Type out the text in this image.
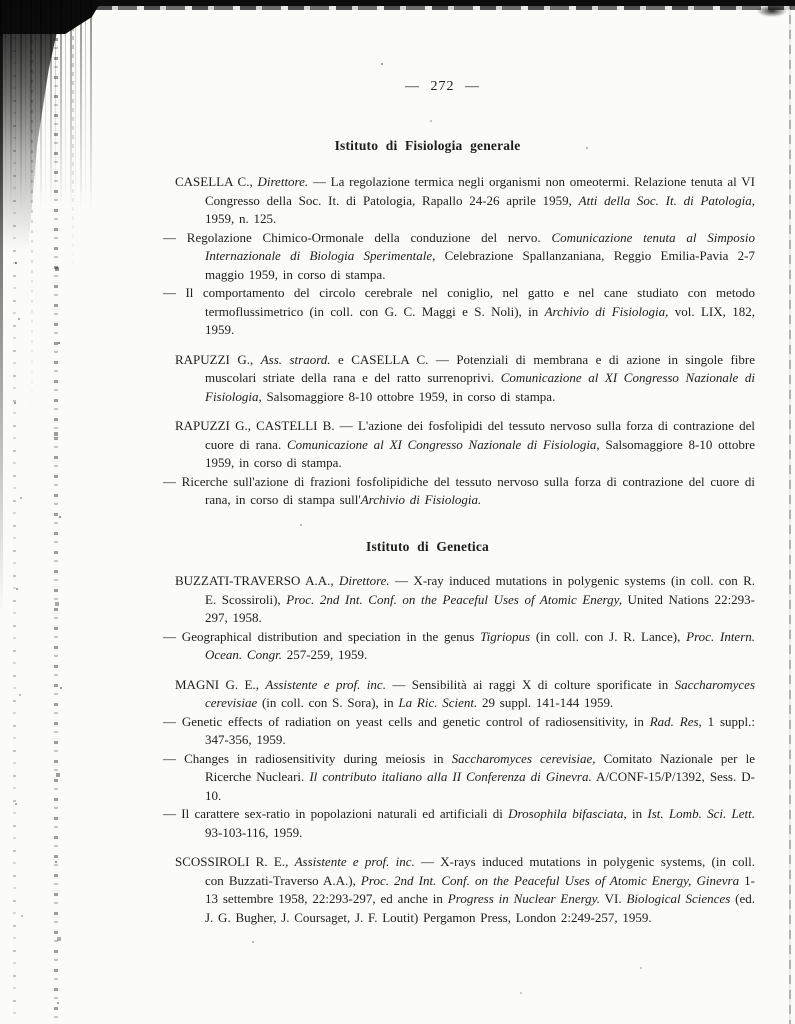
— 272 —
Istituto di Fisiologia generale

CASELLA C., Direttore. — La regolazione termica negli organismi non omeotermi. Relazione tenuta al VI Congresso della Soc. It. di Patologia, Rapallo 24-26 aprile 1959, Atti della Soc. It. di Patologia, 1959, n. 125.

— Regolazione Chimico-Ormonale della conduzione del nervo. Comunicazione tenuta al Simposio Internazionale di Biologia Sperimentale, Celebrazione Spallanzaniana, Reggio Emilia-Pavia 2-7 maggio 1959, in corso di stampa.

— Il comportamento del circolo cerebrale nel coniglio, nel gatto e nel cane studiato con metodo termoflussimetrico (in coll. con G. C. Maggi e S. Noli), in Archivio di Fisiologia, vol. LIX, 182, 1959.

RAPUZZI G., Ass. straord. e CASELLA C. — Potenziali di membrana e di azione in singole fibre muscolari striate della rana e del ratto surrenoprivi. Comunicazione al XI Congresso Nazionale di Fisiologia, Salsomaggiore 8-10 ottobre 1959, in corso di stampa.

RAPUZZI G., CASTELLI B. — L'azione dei fosfolipidi del tessuto nervoso sulla forza di contrazione del cuore di rana. Comunicazione al XI Congresso Nazionale di Fisiologia, Salsomaggiore 8-10 ottobre 1959, in corso di stampa.

— Ricerche sull'azione di frazioni fosfolipidiche del tessuto nervoso sulla forza di contrazione del cuore di rana, in corso di stampa sull'Archivio di Fisiologia.

Istituto di Genetica

BUZZATI-TRAVERSO A.A., Direttore. — X-ray induced mutations in polygenic systems (in coll. con R. E. Scossiroli), Proc. 2nd Int. Conf. on the Peaceful Uses of Atomic Energy, United Nations 22:293-297, 1958.

— Geographical distribution and speciation in the genus Tigriopus (in coll. con J. R. Lance), Proc. Intern. Ocean. Congr. 257-259, 1959.

MAGNI G. E., Assistente e prof. inc. — Sensibilità ai raggi X di colture sporificate in Saccharomyces cerevisiae (in coll. con S. Sora), in La Ric. Scient. 29 suppl. 141-144 1959.

— Genetic effects of radiation on yeast cells and genetic control of radiosensitivity, in Rad. Res, 1 suppl.: 347-356, 1959.

— Changes in radiosensitivity during meiosis in Saccharomyces cerevisiae, Comitato Nazionale per le Ricerche Nucleari. Il contributo italiano alla II Conferenza di Ginevra. A/CONF-15/P/1392, Sess. D-10.

— Il carattere sex-ratio in popolazioni naturali ed artificiali di Drosophila bifasciata, in Ist. Lomb. Sci. Lett. 93-103-116, 1959.

SCOSSIROLI R. E., Assistente e prof. inc. — X-rays induced mutations in polygenic systems, (in coll. con Buzzati-Traverso A.A.), Proc. 2nd Int. Conf. on the Peaceful Uses of Atomic Energy, Ginevra 1-13 settembre 1958, 22:293-297, ed anche in Progress in Nuclear Energy. VI. Biological Sciences (ed. J. G. Bugher, J. Coursaget, J. F. Loutit) Pergamon Press, London 2:249-257, 1959.
